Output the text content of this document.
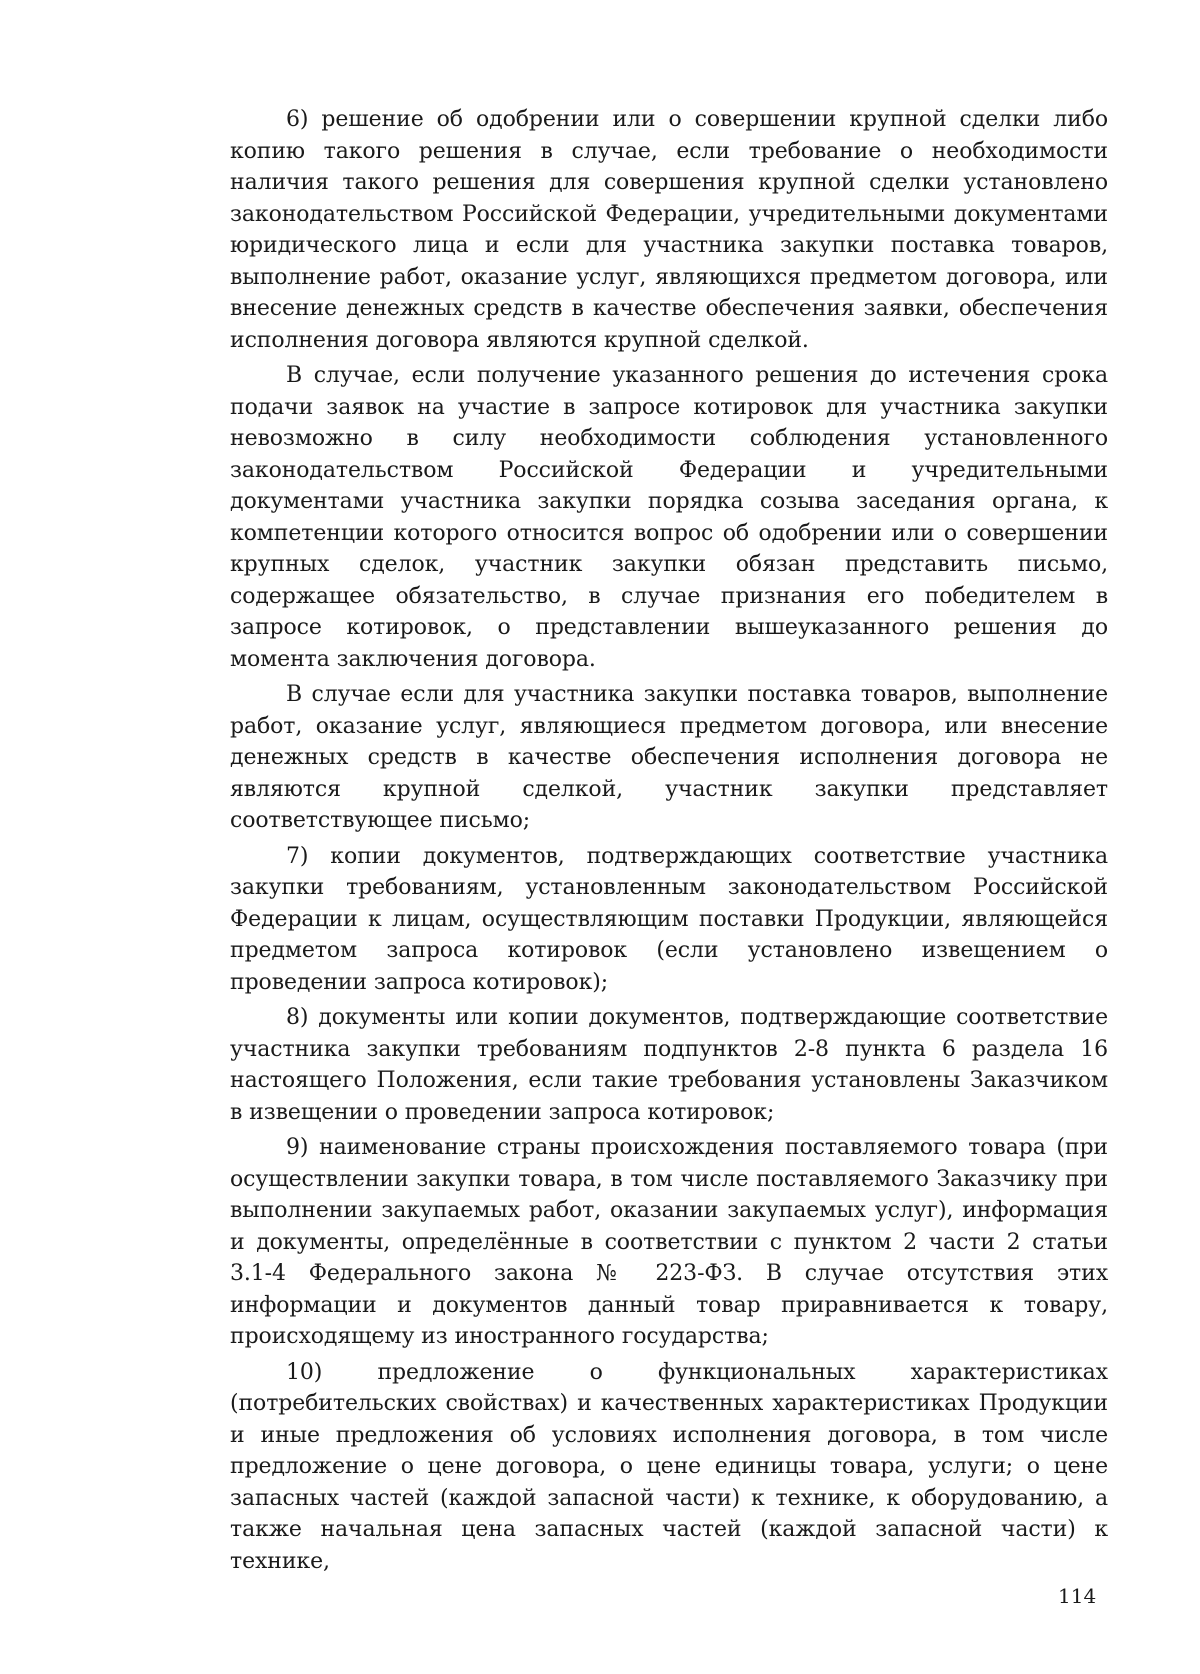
6) решение об одобрении или о совершении крупной сделки либо копию такого решения в случае, если требование о необходимости наличия такого решения для совершения крупной сделки установлено законодательством Российской Федерации, учредительными документами юридического лица и если для участника закупки поставка товаров, выполнение работ, оказание услуг, являющихся предметом договора, или внесение денежных средств в качестве обеспечения заявки, обеспечения исполнения договора являются крупной сделкой.

В случае, если получение указанного решения до истечения срока подачи заявок на участие в запросе котировок для участника закупки невозможно в силу необходимости соблюдения установленного законодательством Российской Федерации и учредительными документами участника закупки порядка созыва заседания органа, к компетенции которого относится вопрос об одобрении или о совершении крупных сделок, участник закупки обязан представить письмо, содержащее обязательство, в случае признания его победителем в запросе котировок, о представлении вышеуказанного решения до момента заключения договора.

В случае если для участника закупки поставка товаров, выполнение работ, оказание услуг, являющиеся предметом договора, или внесение денежных средств в качестве обеспечения исполнения договора не являются крупной сделкой, участник закупки представляет соответствующее письмо;

7) копии документов, подтверждающих соответствие участника закупки требованиям, установленным законодательством Российской Федерации к лицам, осуществляющим поставки Продукции, являющейся предметом запроса котировок (если установлено извещением о проведении запроса котировок);

8) документы или копии документов, подтверждающие соответствие участника закупки требованиям подпунктов 2-8 пункта 6 раздела 16 настоящего Положения, если такие требования установлены Заказчиком в извещении о проведении запроса котировок;

9) наименование страны происхождения поставляемого товара (при осуществлении закупки товара, в том числе поставляемого Заказчику при выполнении закупаемых работ, оказании закупаемых услуг), информация и документы, определённые в соответствии с пунктом 2 части 2 статьи 3.1-4 Федерального закона № 223-ФЗ. В случае отсутствия этих информации и документов данный товар приравнивается к товару, происходящему из иностранного государства;

10) предложение о функциональных характеристиках (потребительских свойствах) и качественных характеристиках Продукции и иные предложения об условиях исполнения договора, в том числе предложение о цене договора, о цене единицы товара, услуги; о цене запасных частей (каждой запасной части) к технике, к оборудованию, а также начальная цена запасных частей (каждой запасной части) к технике,

114
